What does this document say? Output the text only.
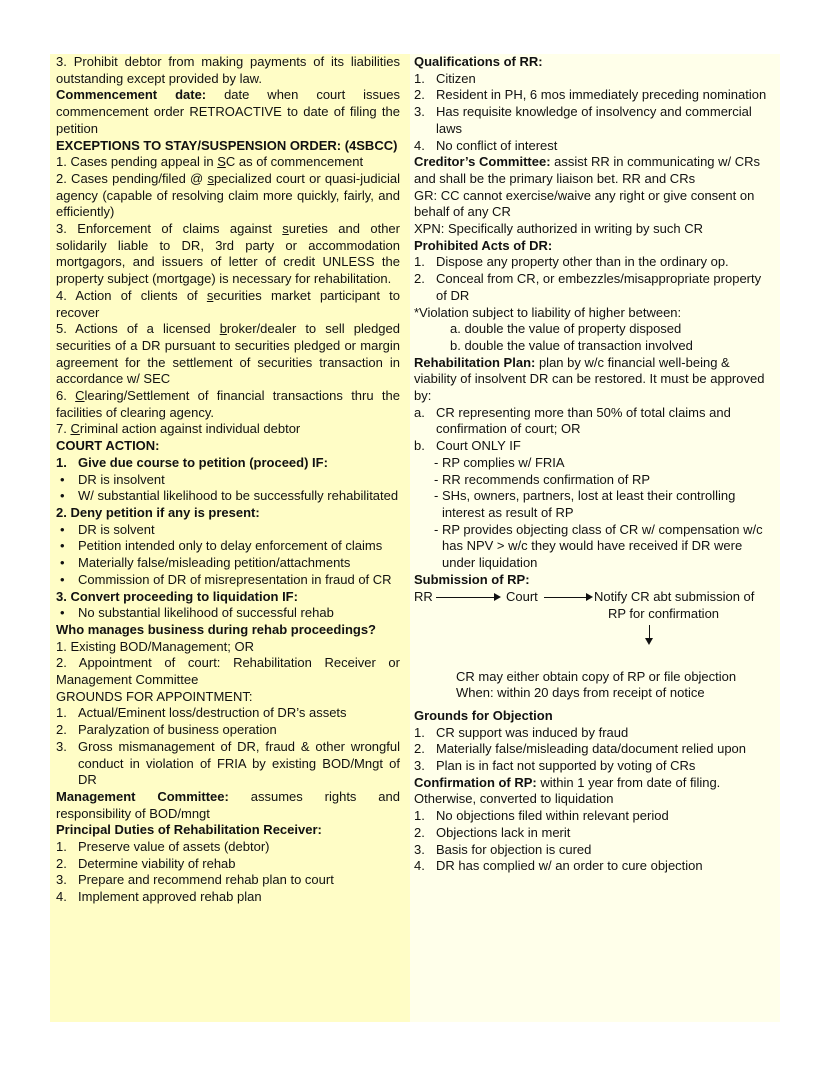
3. Prohibit debtor from making payments of its liabilities outstanding except provided by law.

Commencement date: date when court issues commencement order RETROACTIVE to date of filing the petition

EXCEPTIONS TO STAY/SUSPENSION ORDER: (4SBCC)

1. Cases pending appeal in SC as of commencement

2. Cases pending/filed @ specialized court or quasi-judicial agency (capable of resolving claim more quickly, fairly, and efficiently)

3. Enforcement of claims against sureties and other solidarily liable to DR, 3rd party or accommodation mortgagors, and issuers of letter of credit UNLESS the property subject (mortgage) is necessary for rehabilitation.

4. Action of clients of securities market participant to recover

5. Actions of a licensed broker/dealer to sell pledged securities of a DR pursuant to securities pledged or margin agreement for the settlement of securities transaction in accordance w/ SEC

6. Clearing/Settlement of financial transactions thru the facilities of clearing agency.

7. Criminal action against individual debtor

COURT ACTION:

1. Give due course to petition (proceed) IF:
•	DR is insolvent
•	W/ substantial likelihood to be successfully rehabilitated

2. Deny petition if any is present:

•	DR is solvent
•	Petition intended only to delay enforcement of claims
•	Materially false/misleading petition/attachments
•	Commission of DR of misrepresentation in fraud of CR

3. Convert proceeding to liquidation IF:

•	No substantial likelihood of successful rehab

Who manages business during rehab proceedings?

1. Existing BOD/Management; OR

2. Appointment of court: Rehabilitation Receiver or Management Committee

GROUNDS FOR APPOINTMENT:

1. Actual/Eminent loss/destruction of DR’s assets
2. Paralyzation of business operation
3. Gross mismanagement of DR, fraud & other wrongful conduct in violation of FRIA by existing BOD/Mngt of DR

Management Committee: assumes rights and responsibility of BOD/mngt

Principal Duties of Rehabilitation Receiver:

1. Preserve value of assets (debtor)
2. Determine viability of rehab
3. Prepare and recommend rehab plan to court
4. Implement approved rehab plan

Qualifications of RR:

1. Citizen
2. Resident in PH, 6 mos immediately preceding nomination
3. Has requisite knowledge of insolvency and commercial laws
4. No conflict of interest

Creditor’s Committee: assist RR in communicating w/ CRs and shall be the primary liaison bet. RR and CRs

GR: CC cannot exercise/waive any right or give consent on behalf of any CR

XPN: Specifically authorized in writing by such CR

Prohibited Acts of DR:

1. Dispose any property other than in the ordinary op.
2. Conceal from CR, or embezzles/misappropriate property of DR

*Violation subject to liability of higher between:

a. double the value of property disposed

b. double the value of transaction involved

Rehabilitation Plan: plan by w/c financial well-being & viability of insolvent DR can be restored. It must be approved by:

a. CR representing more than 50% of total claims and confirmation of court; OR
b. Court ONLY IF
- RP complies w/ FRIA
- RR recommends confirmation of RP
- SHs, owners, partners, lost at least their controlling interest as result of RP
- RP provides objecting class of CR w/ compensation w/c has NPV > w/c they would have received if DR were under liquidation

Submission of RP:

RR	Court	Notify CR abt submission of
RP for confirmation

CR may either obtain copy of RP or file objection

When: within 20 days from receipt of notice

Grounds for Objection

1. CR support was induced by fraud
2. Materially false/misleading data/document relied upon
3. Plan is in fact not supported by voting of CRs

Confirmation of RP: within 1 year from date of filing. Otherwise, converted to liquidation

1. No objections filed within relevant period
2. Objections lack in merit
3. Basis for objection is cured
4. DR has complied w/ an order to cure objection
